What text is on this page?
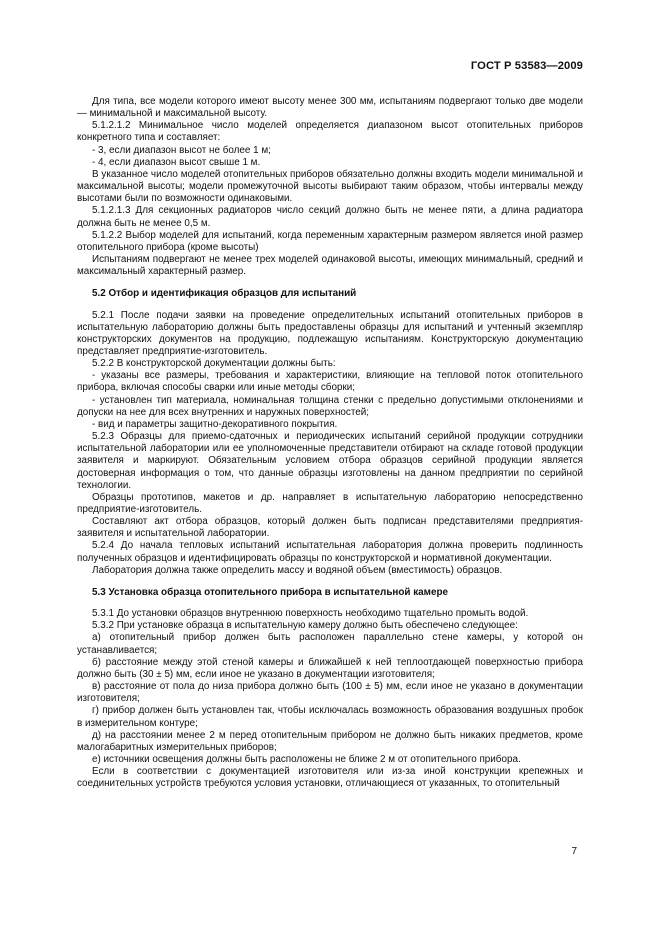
ГОСТ Р 53583—2009

Для типа, все модели которого имеют высоту менее 300 мм, испытаниям подвергают только две модели — минимальной и максимальной высоту.

5.1.2.1.2 Минимальное число моделей определяется диапазоном высот отопительных приборов конкретного типа и составляет:

- 3, если диапазон высот не более 1 м;

- 4, если диапазон высот свыше 1 м.

В указанное число моделей отопительных приборов обязательно должны входить модели минимальной и максимальной высоты; модели промежуточной высоты выбирают таким образом, чтобы интервалы между высотами были по возможности одинаковыми.

5.1.2.1.3 Для секционных радиаторов число секций должно быть не менее пяти, а длина радиатора должна быть не менее 0,5 м.

5.1.2.2 Выбор моделей для испытаний, когда переменным характерным размером является иной размер отопительного прибора (кроме высоты)

Испытаниям подвергают не менее трех моделей одинаковой высоты, имеющих минимальный, средний и максимальный характерный размер.

5.2 Отбор и идентификация образцов для испытаний

5.2.1 После подачи заявки на проведение определительных испытаний отопительных приборов в испытательную лабораторию должны быть предоставлены образцы для испытаний и учтенный экземпляр конструкторских документов на продукцию, подлежащую испытаниям. Конструкторскую документацию представляет предприятие-изготовитель.

5.2.2 В конструкторской документации должны быть:

- указаны все размеры, требования и характеристики, влияющие на тепловой поток отопительного прибора, включая способы сварки или иные методы сборки;

- установлен тип материала, номинальная толщина стенки с предельно допустимыми отклонениями и допуски на нее для всех внутренних и наружных поверхностей;

- вид и параметры защитно-декоративного покрытия.

5.2.3 Образцы для приемо-сдаточных и периодических испытаний серийной продукции сотрудники испытательной лаборатории или ее уполномоченные представители отбирают на складе готовой продукции заявителя и маркируют. Обязательным условием отбора образцов серийной продукции является достоверная информация о том, что данные образцы изготовлены на данном предприятии по серийной технологии.

Образцы прототипов, макетов и др. направляет в испытательную лабораторию непосредственно предприятие-изготовитель.

Составляют акт отбора образцов, который должен быть подписан представителями предприятия-заявителя и испытательной лаборатории.

5.2.4 До начала тепловых испытаний испытательная лаборатория должна проверить подлинность полученных образцов и идентифицировать образцы по конструкторской и нормативной документации.

Лаборатория должна также определить массу и водяной объем (вместимость) образцов.

5.3 Установка образца отопительного прибора в испытательной камере

5.3.1 До установки образцов внутреннюю поверхность необходимо тщательно промыть водой.

5.3.2 При установке образца в испытательную камеру должно быть обеспечено следующее:

а) отопительный прибор должен быть расположен параллельно стене камеры, у которой он устанавливается;

б) расстояние между этой стеной камеры и ближайшей к ней теплоотдающей поверхностью прибора должно быть (30 ± 5) мм, если иное не указано в документации изготовителя;

в) расстояние от пола до низа прибора должно быть (100 ± 5) мм, если иное не указано в документации изготовителя;

г) прибор должен быть установлен так, чтобы исключалась возможность образования воздушных пробок в измерительном контуре;

д) на расстоянии менее 2 м перед отопительным прибором не должно быть никаких предметов, кроме малогабаритных измерительных приборов;

е) источники освещения должны быть расположены не ближе 2 м от отопительного прибора.

Если в соответствии с документацией изготовителя или из-за иной конструкции крепежных и соединительных устройств требуются условия установки, отличающиеся от указанных, то отопительный

7
